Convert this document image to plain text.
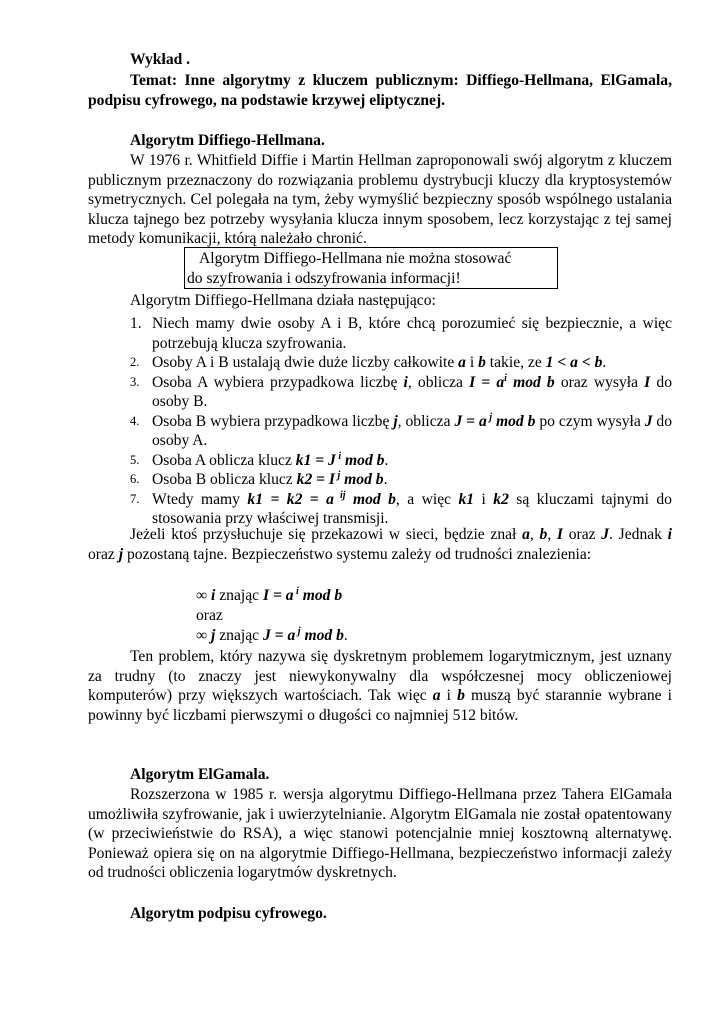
Wykład .

Temat: Inne algorytmy z kluczem publicznym: Diffiego-Hellmana, ElGamala, podpisu cyfrowego, na podstawie krzywej eliptycznej.

Algorytm Diffiego-Hellmana.

W 1976 r. Whitfield Diffie i Martin Hellman zaproponowali swój algorytm z kluczem publicznym przeznaczony do rozwiązania problemu dystrybucji kluczy dla kryptosystemów symetrycznych. Cel polegała na tym, żeby wymyślić bezpieczny sposób wspólnego ustalania klucza tajnego bez potrzeby wysyłania klucza innym sposobem, lecz korzystając z tej samej metody komunikacji, którą należało chronić.

Algorytm Diffiego-Hellmana nie można stosować
do szyfrowania i odszyfrowania informacji!

Algorytm Diffiego-Hellmana działa następująco:

1. Niech mamy dwie osoby A i B, które chcą porozumieć się bezpiecznie, a więc potrzebują klucza szyfrowania.
2. Osoby A i B ustalają dwie duże liczby całkowite a i b takie, ze 1 < a < b.
3. Osoba A wybiera przypadkowa liczbę i, oblicza $I = a^i$ mod b oraz wysyła I do osoby B.
4. Osoba B wybiera przypadkowa liczbę j, oblicza J = a $^j$ mod b po czym wysyła J do osoby A.
5. Osoba A oblicza klucz k1 = J $^i$ mod b.
6. Osoba B oblicza klucz k2 = I $^j$ mod b.
7. Wtedy mamy k1 = k2 = a $^{ij}$ mod b, a więc k1 i k2 są kluczami tajnymi do stosowania przy właściwej transmisji.

Jeżeli ktoś przysłuchuje się przekazowi w sieci, będzie znał a, b, I oraz J. Jednak i oraz j pozostaną tajne. Bezpieczeństwo systemu zależy od trudności znalezienia:

∞ i znając I = a $^i$ mod b

oraz

∞ j znając J = a $^j$ mod b.

Ten problem, który nazywa się dyskretnym problemem logarytmicznym, jest uznany za trudny (to znaczy jest niewykonywalny dla współczesnej mocy obliczeniowej komputerów) przy większych wartościach. Tak więc a i b muszą być starannie wybrane i powinny być liczbami pierwszymi o długości co najmniej 512 bitów.

Algorytm ElGamala.

Rozszerzona w 1985 r. wersja algorytmu Diffiego-Hellmana przez Tahera ElGamala umożliwiła szyfrowanie, jak i uwierzytelnianie. Algorytm ElGamala nie został opatentowany (w przeciwieństwie do RSA), a więc stanowi potencjalnie mniej kosztowną alternatywę. Ponieważ opiera się on na algorytmie Diffiego-Hellmana, bezpieczeństwo informacji zależy od trudności obliczenia logarytmów dyskretnych.

Algorytm podpisu cyfrowego.
